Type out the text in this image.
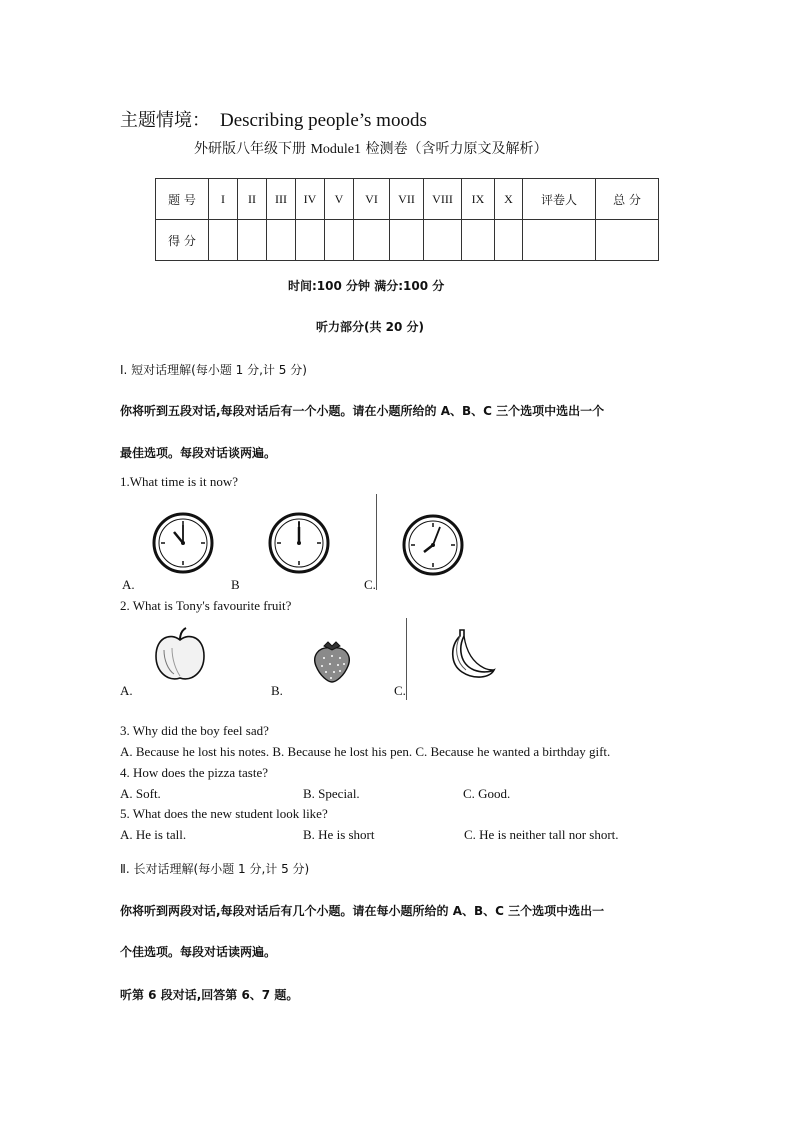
主题情境： Describing people’s moods
外研版八年级下册 Module1 检测卷（含听力原文及解析）
题 号	I	II	III	IV	V	VI	VII	VIII	IX	X	评卷人	总 分
得 分												
时间:100 分钟 满分:100 分
听力部分(共 20 分)
I. 短对话理解(每小题 1 分,计 5 分)
你将听到五段对话,每段对话后有一个小题。请在小题所给的 A、B、C 三个选项中选出一个
最佳选项。每段对话谈两遍。
1.What time is it now?
A.	B	C.
2. What is Tony's favourite fruit?
A.	B.	C.
3. Why did the boy feel sad?
A. Because he lost his notes. B. Because he lost his pen. C. Because he wanted a birthday gift.
4. How does the pizza taste?
A. Soft.	B. Special.	C. Good.
5. What does the new student look like?
A. He is tall.	B. He is short	C. He is neither tall nor short.
Ⅱ. 长对话理解(每小题 1 分,计 5 分)
你将听到两段对话,每段对话后有几个小题。请在每小题所给的 A、B、C 三个选项中选出一
个佳选项。每段对话读两遍。
听第 6 段对话,回答第 6、7 题。
